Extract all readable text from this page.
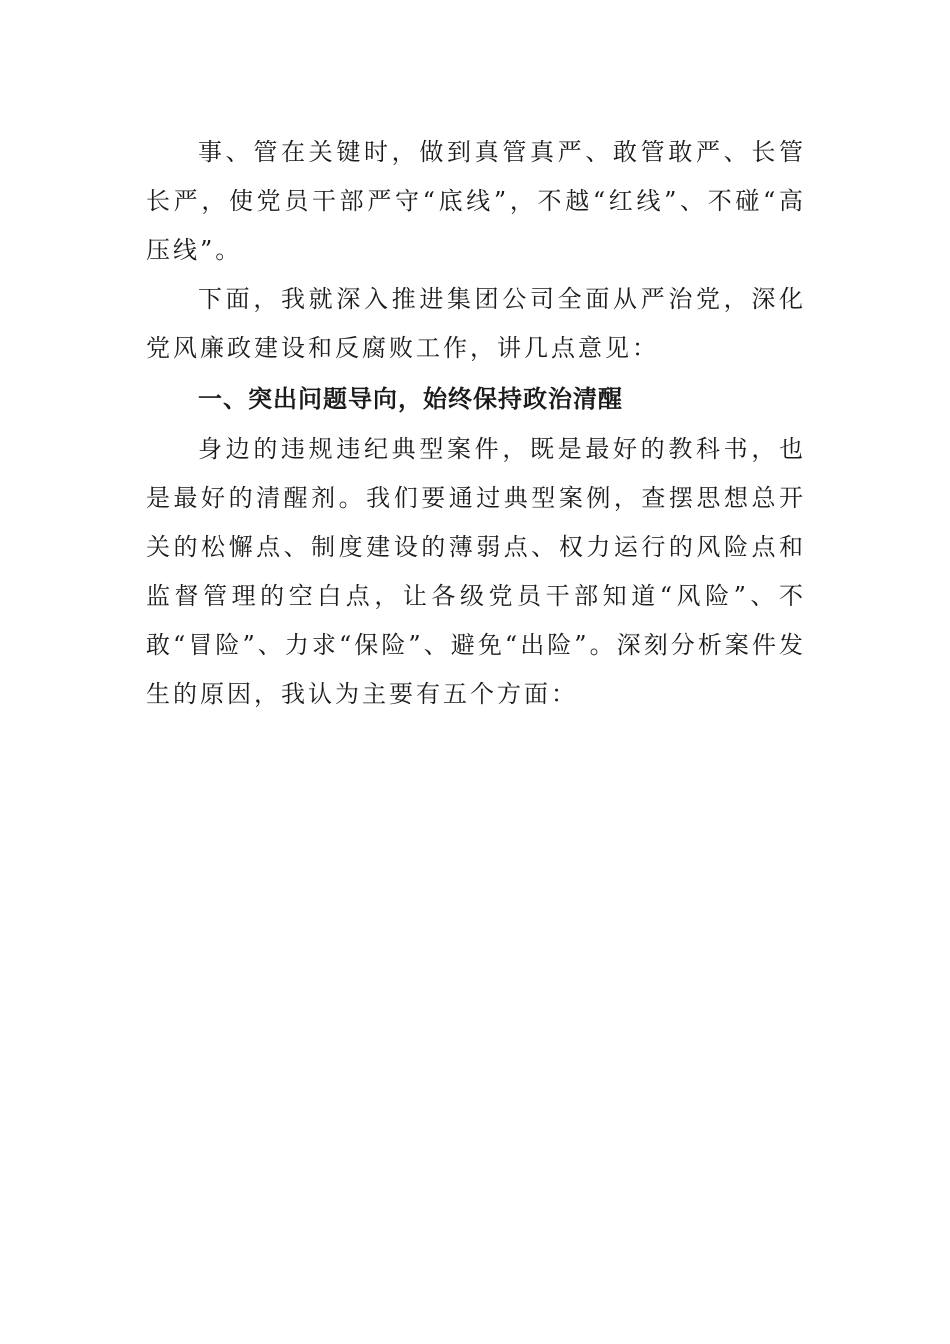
事、管在关键时，做到真管真严、敢管敢严、长管长严，使党员干部严守“底线”，不越“红线”、不碰“高压线”。

下面，我就深入推进集团公司全面从严治党，深化党风廉政建设和反腐败工作，讲几点意见：

一、突出问题导向，始终保持政治清醒

身边的违规违纪典型案件，既是最好的教科书，也是最好的清醒剂。我们要通过典型案例，查摆思想总开关的松懈点、制度建设的薄弱点、权力运行的风险点和监督管理的空白点，让各级党员干部知道“风险”、不敢“冒险”、力求“保险”、避免“出险”。深刻分析案件发生的原因，我认为主要有五个方面：
